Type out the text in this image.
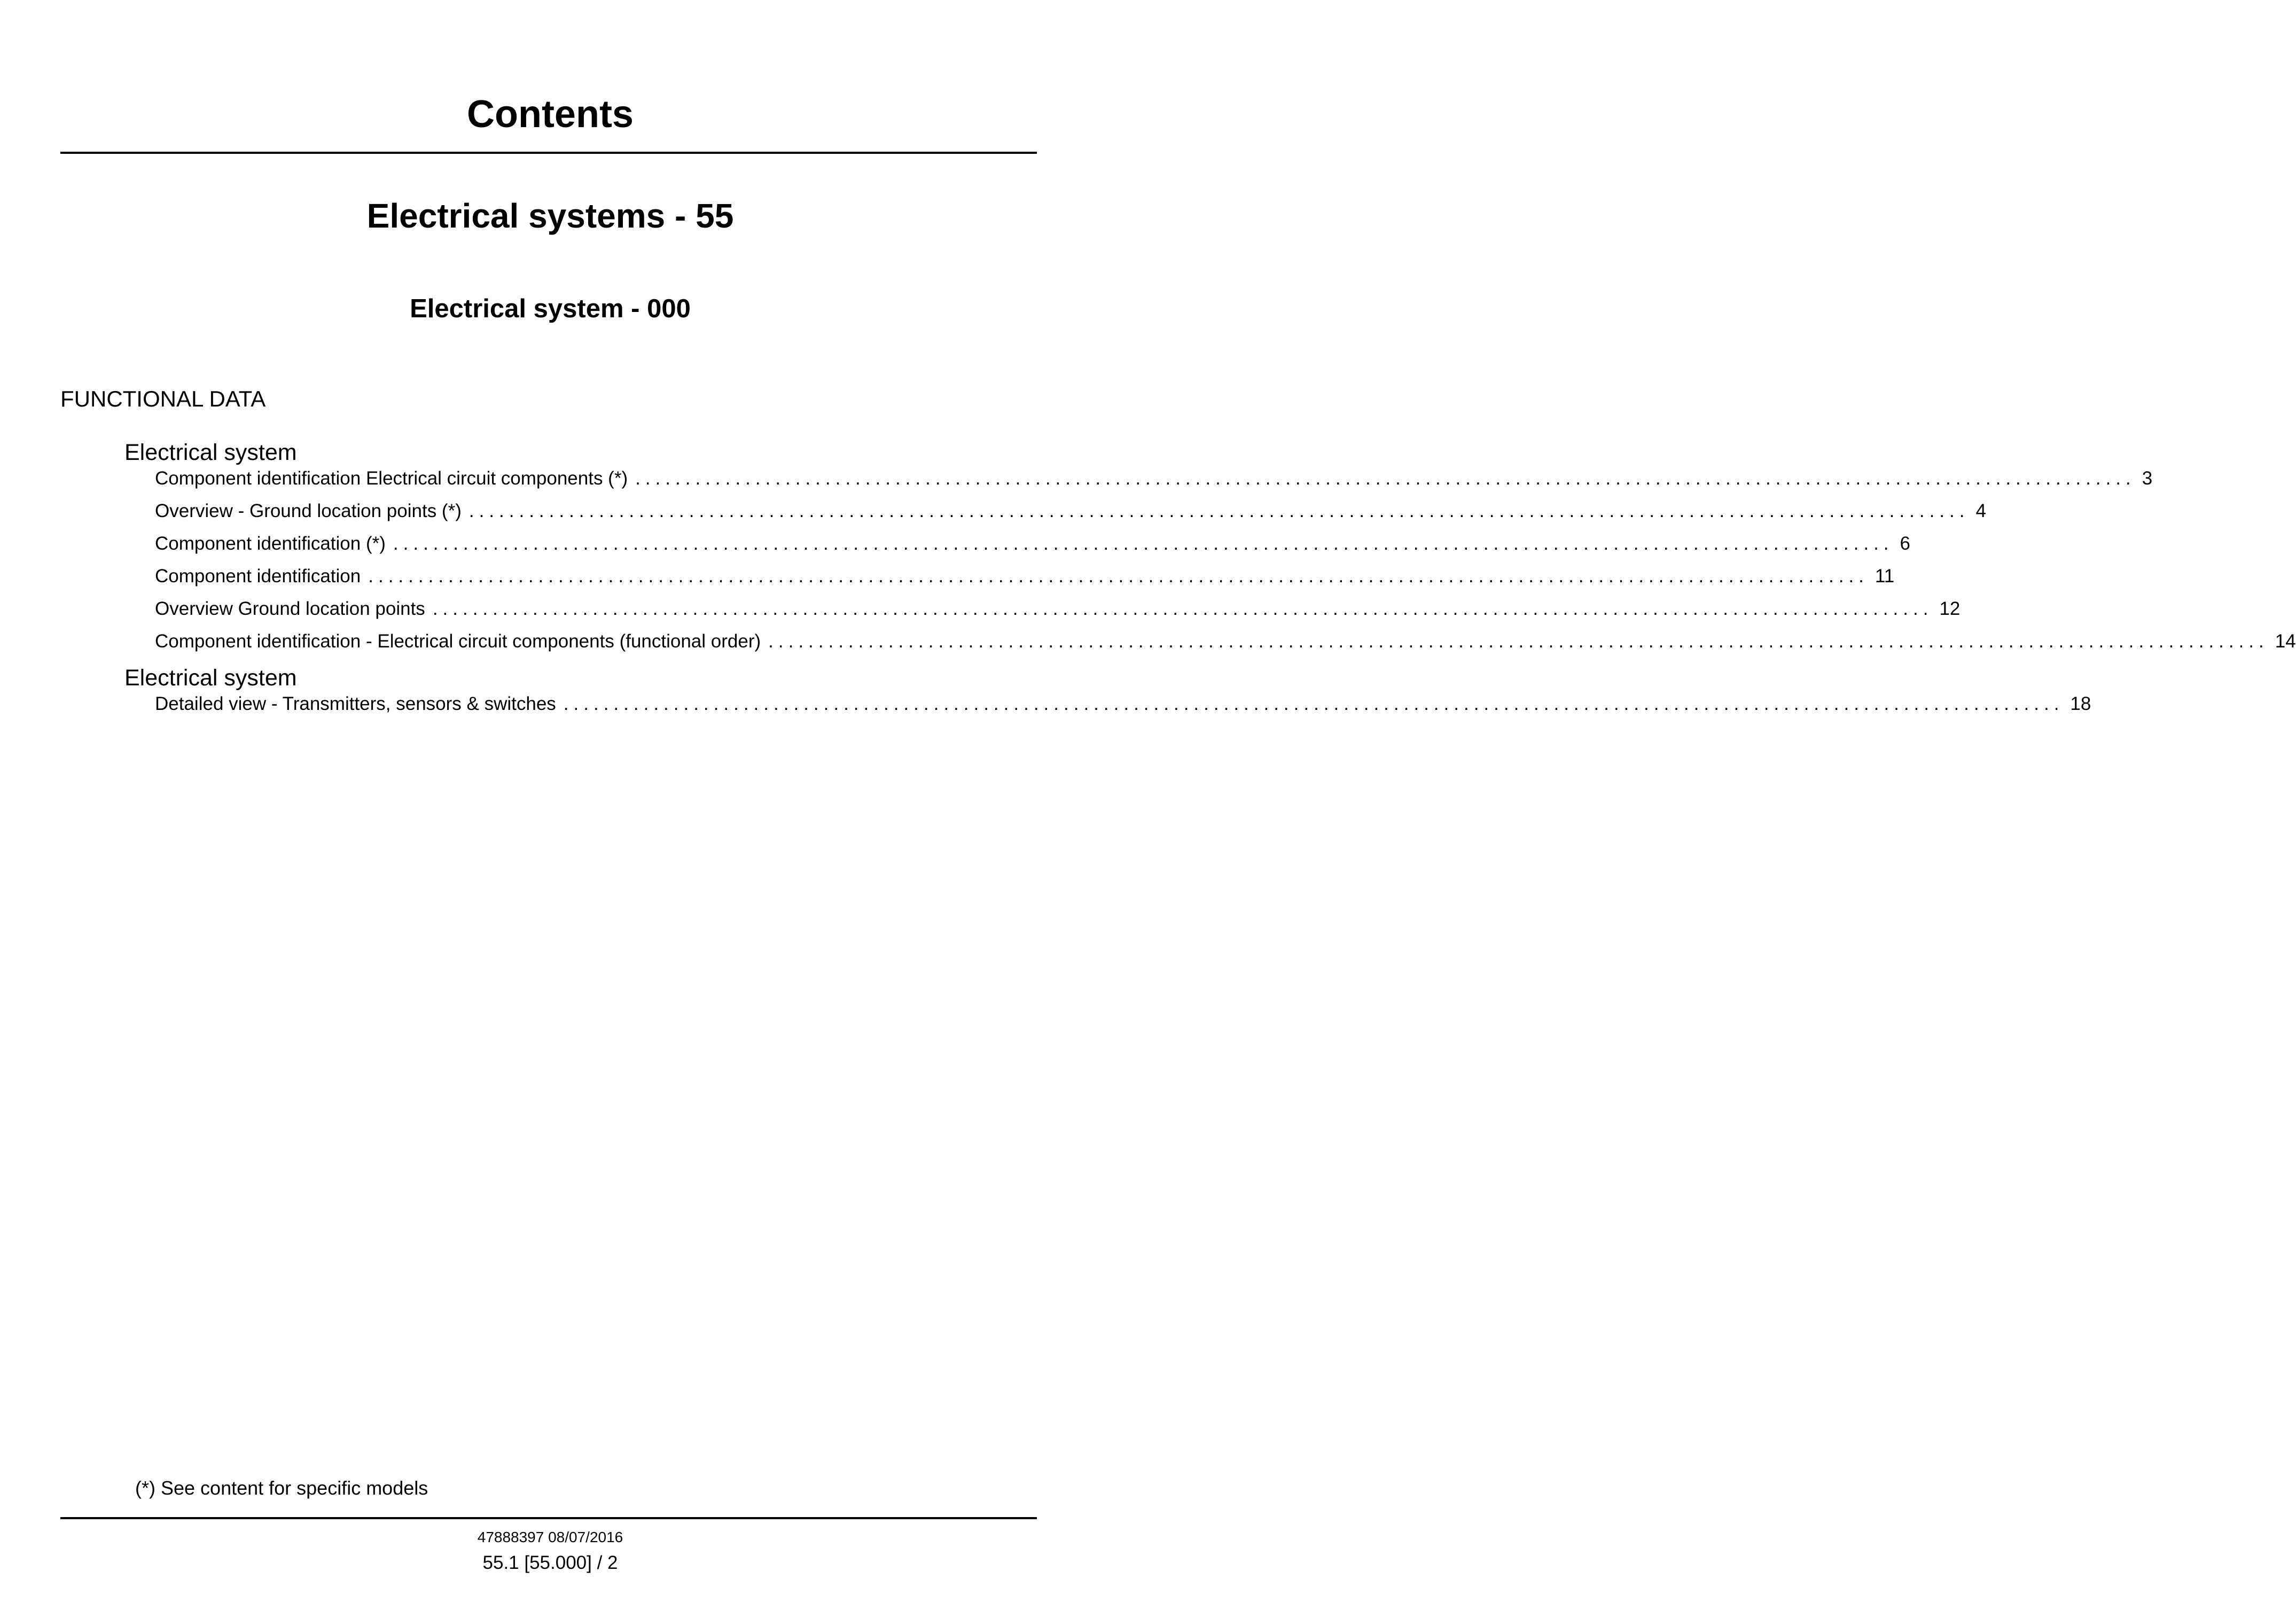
Contents
Electrical systems - 55
Electrical system - 000
FUNCTIONAL DATA
Electrical system
Component identification Electrical circuit components (*) ...................................................................................................................................................... 3
Overview - Ground location points (*) ...................................................................................................................................................... 4
Component identification (*) ...................................................................................................................................................... 6
Component identification ...................................................................................................................................................... 11
Overview Ground location points ...................................................................................................................................................... 12
Component identification - Electrical circuit components (functional order) ...................................................................................................................................................... 14
Electrical system
Detailed view - Transmitters, sensors & switches ...................................................................................................................................................... 18
(*) See content for specific models
47888397 08/07/2016
55.1 [55.000] / 2
